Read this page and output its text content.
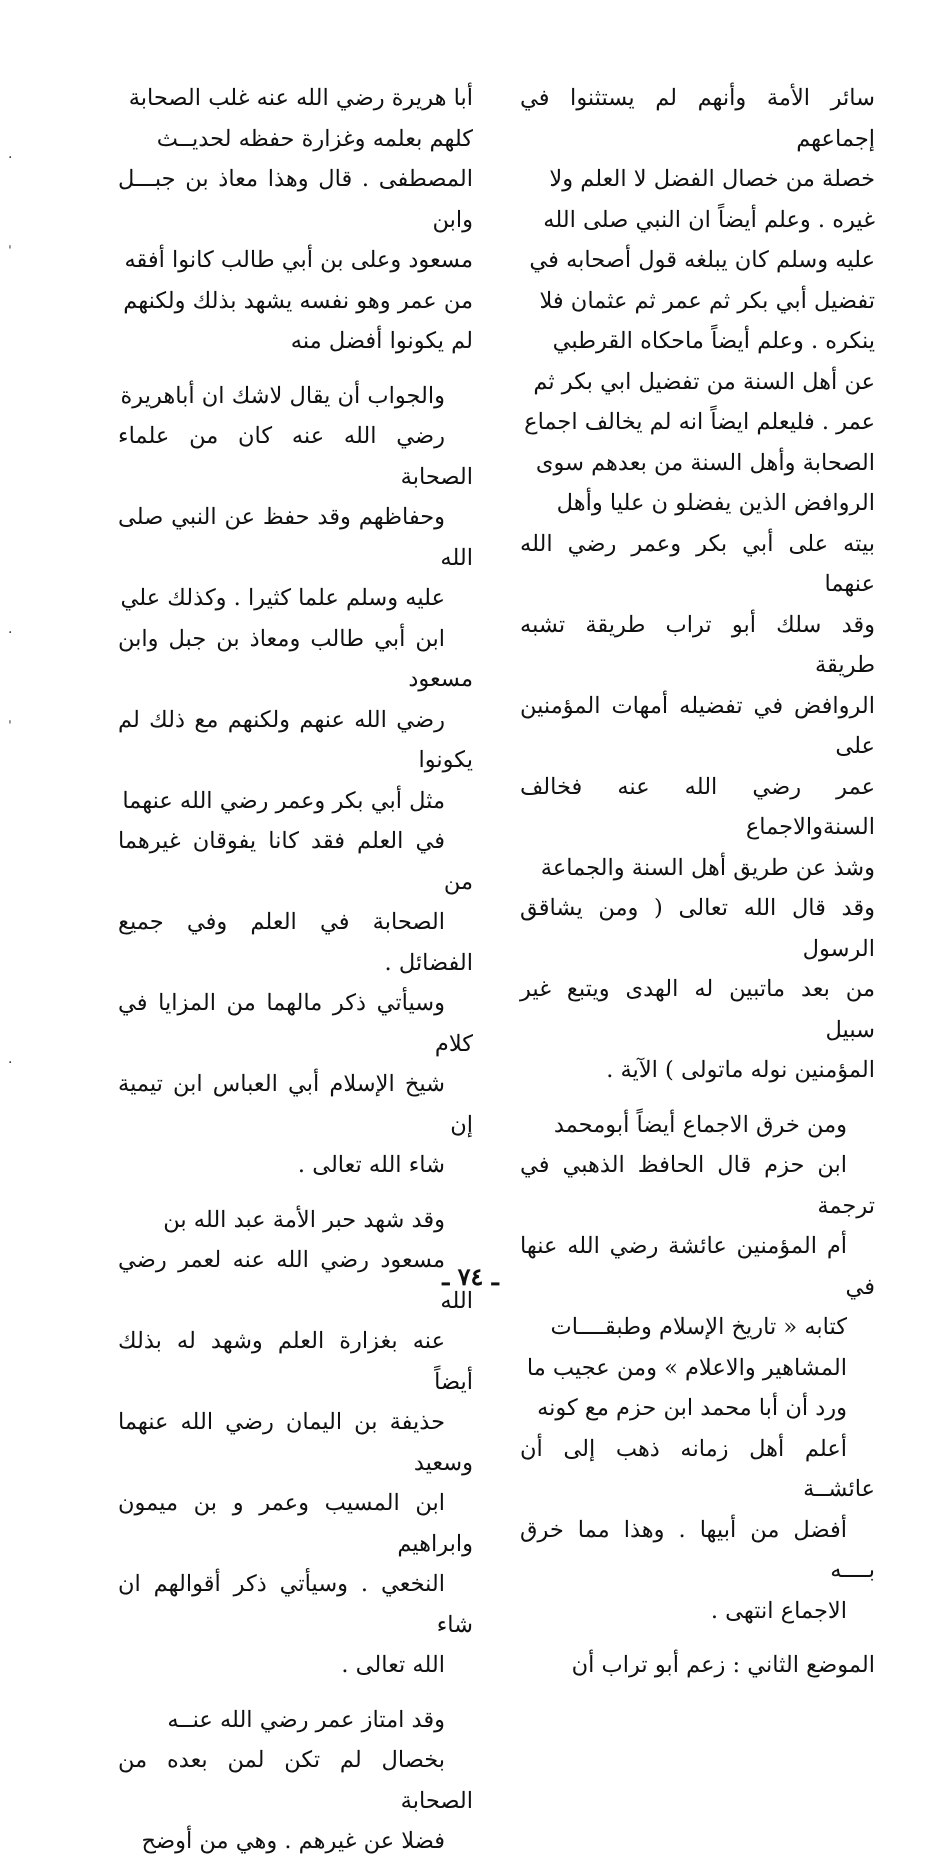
سائر الأمة وأنهم لم يستثنوا في إجماعهم
خصلة من خصال الفضل لا العلم ولا
غيره . وعلم أيضاً ان النبي صلى الله
عليه وسلم كان يبلغه قول أصحابه في
تفضيل أبي بكر ثم عمر ثم عثمان فلا
ينكره . وعلم أيضاً ماحكاه القرطبي
عن أهل السنة من تفضيل ابي بكر ثم
عمر . فليعلم ايضاً انه لم يخالف اجماع
الصحابة وأهل السنة من بعدهم سوى
الروافض الذين يفضلو ن عليا وأهل
بيته على أبي بكر وعمر رضي الله عنهما
وقد سلك أبو تراب طريقة تشبه طريقة
الروافض في تفضيله أمهات المؤمنين على
عمر رضي الله عنه فخالف السنةوالاجماع
وشذ عن طريق أهل السنة والجماعة
وقد قال الله تعالى ( ومن يشاقق الرسول
من بعد ماتبين له الهدى ويتبع غير سبيل
المؤمنين نوله ماتولى ) الآية .

ومن خرق الاجماع أيضاً أبومحمد
ابن حزم قال الحافظ الذهبي في ترجمة
أم المؤمنين عائشة رضي الله عنها في
كتابه « تاريخ الإسلام وطبقــــات
المشاهير والاعلام » ومن عجيب ما
ورد أن أبا محمد ابن حزم مع كونه
أعلم أهل زمانه ذهب إلى أن عائشــة
أفضل من أبيها . وهذا مما خرق بــــه
الاجماع انتهى .

الموضع الثاني : زعم أبو تراب أن

أبا هريرة رضي الله عنه غلب الصحابة
كلهم بعلمه وغزارة حفظه لحديــث
المصطفى . قال وهذا معاذ بن جبـــل وابن
مسعود وعلى بن أبي طالب كانوا أفقه
من عمر وهو نفسه يشهد بذلك ولكنهم
لم يكونوا أفضل منه

والجواب أن يقال لاشك ان أباهريرة
رضي الله عنه كان من علماء الصحابة
وحفاظهم وقد حفظ عن النبي صلى الله
عليه وسلم علما كثيرا . وكذلك علي
ابن أبي طالب ومعاذ بن جبل وابن مسعود
رضي الله عنهم ولكنهم مع ذلك لم يكونوا
مثل أبي بكر وعمر رضي الله عنهما
في العلم فقد كانا يفوقان غيرهما من
الصحابة في العلم وفي جميع الفضائل .
وسيأتي ذكر مالهما من المزايا في كلام
شيخ الإسلام أبي العباس ابن تيمية إن
شاء الله تعالى .

وقد شهد حبر الأمة عبد الله بن
مسعود رضي الله عنه لعمر رضي الله
عنه بغزارة العلم وشهد له بذلك أيضاً
حذيفة بن اليمان رضي الله عنهما وسعيد
ابن المسيب وعمر و بن ميمون وابراهيم
النخعي . وسيأتي ذكر أقوالهم ان شاء
الله تعالى .

وقد امتاز عمر رضي الله عنــه
بخصال لم تكن لمن بعده من الصحابة
فضلا عن غيرهم . وهي من أوضح

ـ ٧٤ ـ
·
ˌ
·
ˌ
·
